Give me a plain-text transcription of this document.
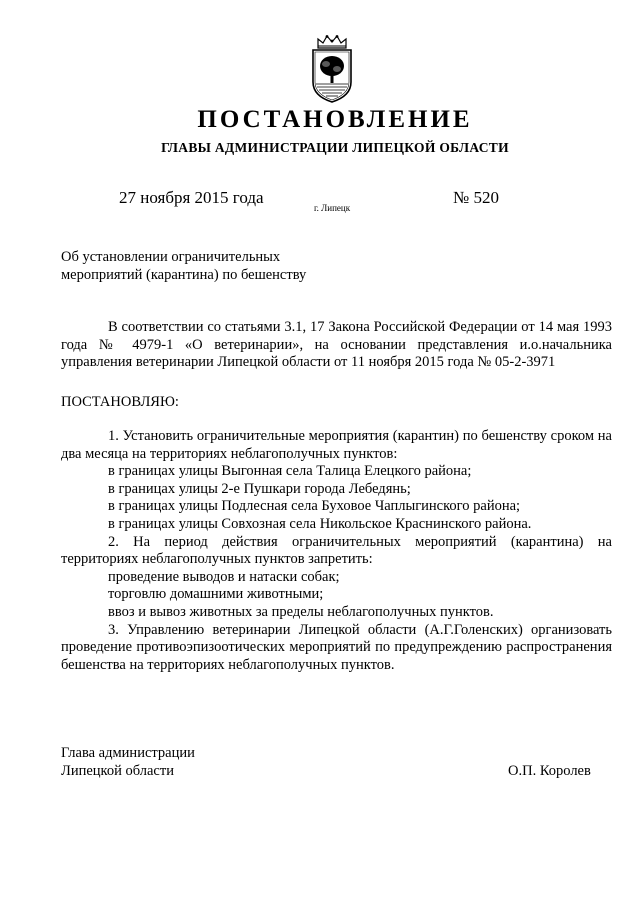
ПОСТАНОВЛЕНИЕ
ГЛАВЫ АДМИНИСТРАЦИИ ЛИПЕЦКОЙ ОБЛАСТИ
27 ноября 2015 года
г. Липецк
№ 520
Об установлении ограничительных
мероприятий (карантина) по бешенству
В соответствии со статьями 3.1, 17 Закона Российской Федерации от 14 мая 1993 года № 4979-1 «О ветеринарии», на основании представления и.о.начальника управления ветеринарии Липецкой области от 11 ноября 2015 года № 05-2-3971
ПОСТАНОВЛЯЮ:

1. Установить ограничительные мероприятия (карантин) по бешенству сроком на два месяца на территориях неблагополучных пунктов:

в границах улицы Выгонная села Талица Елецкого района;

в границах улицы 2-е Пушкари города Лебедянь;

в границах улицы Подлесная села Буховое Чаплыгинского района;

в границах улицы Совхозная села Никольское Краснинского района.

2. На период действия ограничительных мероприятий (карантина) на территориях неблагополучных пунктов запретить:

проведение выводов и натаски собак;

торговлю домашними животными;

ввоз и вывоз животных за пределы неблагополучных пунктов.

3. Управлению ветеринарии Липецкой области (А.Г.Голенских) организовать проведение противоэпизоотических мероприятий по предупреждению распространения бешенства на территориях неблагополучных пунктов.

Глава администрации
Липецкой области	О.П. Королев
